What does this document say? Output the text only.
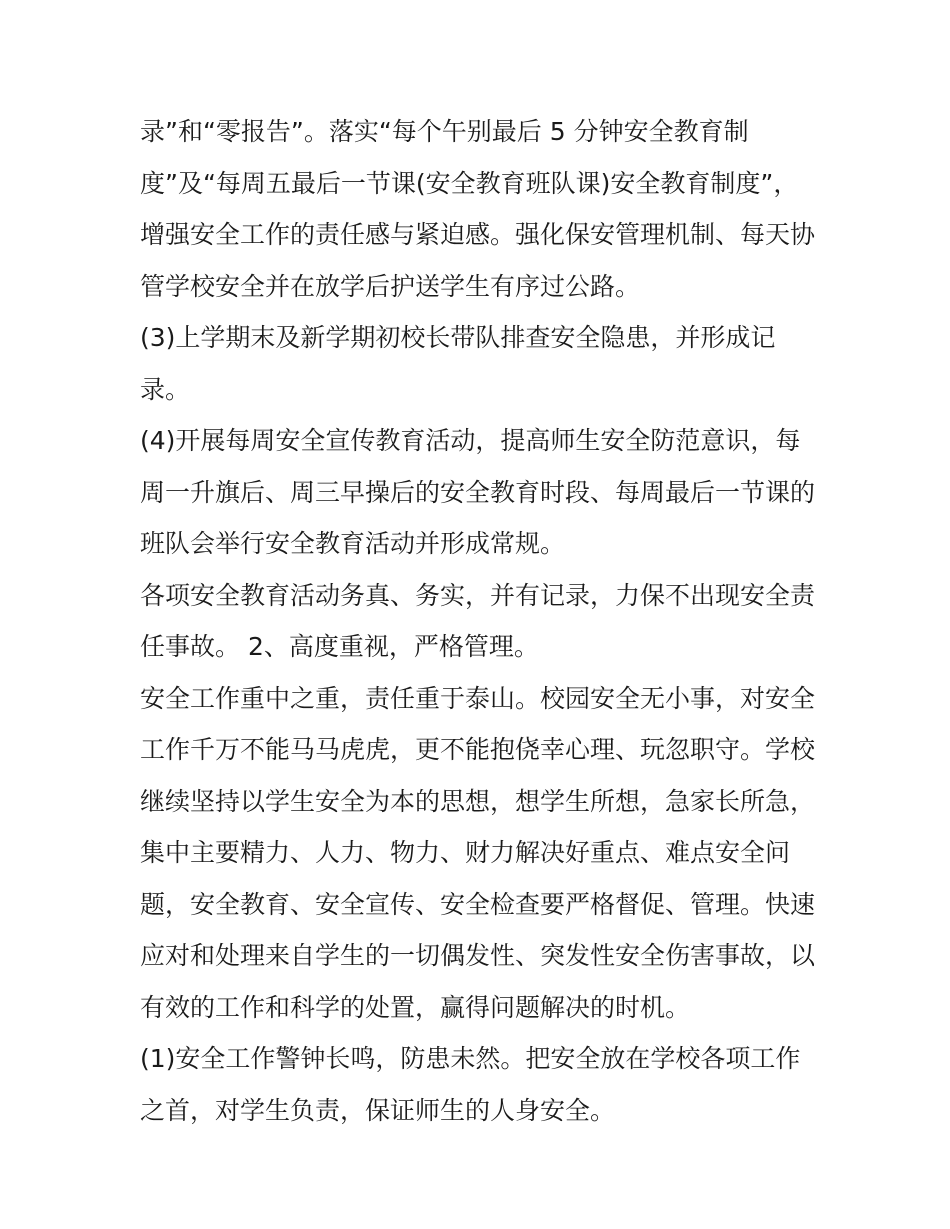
录”和“零报告”。落实“每个午别最后 5 分钟安全教育制
度”及“每周五最后一节课(安全教育班队课)安全教育制度”，
增强安全工作的责任感与紧迫感。强化保安管理机制、每天协
管学校安全并在放学后护送学生有序过公路。
(3)上学期末及新学期初校长带队排查安全隐患，并形成记
录。
(4)开展每周安全宣传教育活动，提高师生安全防范意识，每
周一升旗后、周三早操后的安全教育时段、每周最后一节课的
班队会举行安全教育活动并形成常规。
各项安全教育活动务真、务实，并有记录，力保不出现安全责
任事故。 2、高度重视，严格管理。
安全工作重中之重，责任重于泰山。校园安全无小事，对安全
工作千万不能马马虎虎，更不能抱侥幸心理、玩忽职守。学校
继续坚持以学生安全为本的思想，想学生所想，急家长所急，
集中主要精力、人力、物力、财力解决好重点、难点安全问
题，安全教育、安全宣传、安全检查要严格督促、管理。快速
应对和处理来自学生的一切偶发性、突发性安全伤害事故，以
有效的工作和科学的处置，赢得问题解决的时机。
(1)安全工作警钟长鸣，防患未然。把安全放在学校各项工作
之首，对学生负责，保证师生的人身安全。
